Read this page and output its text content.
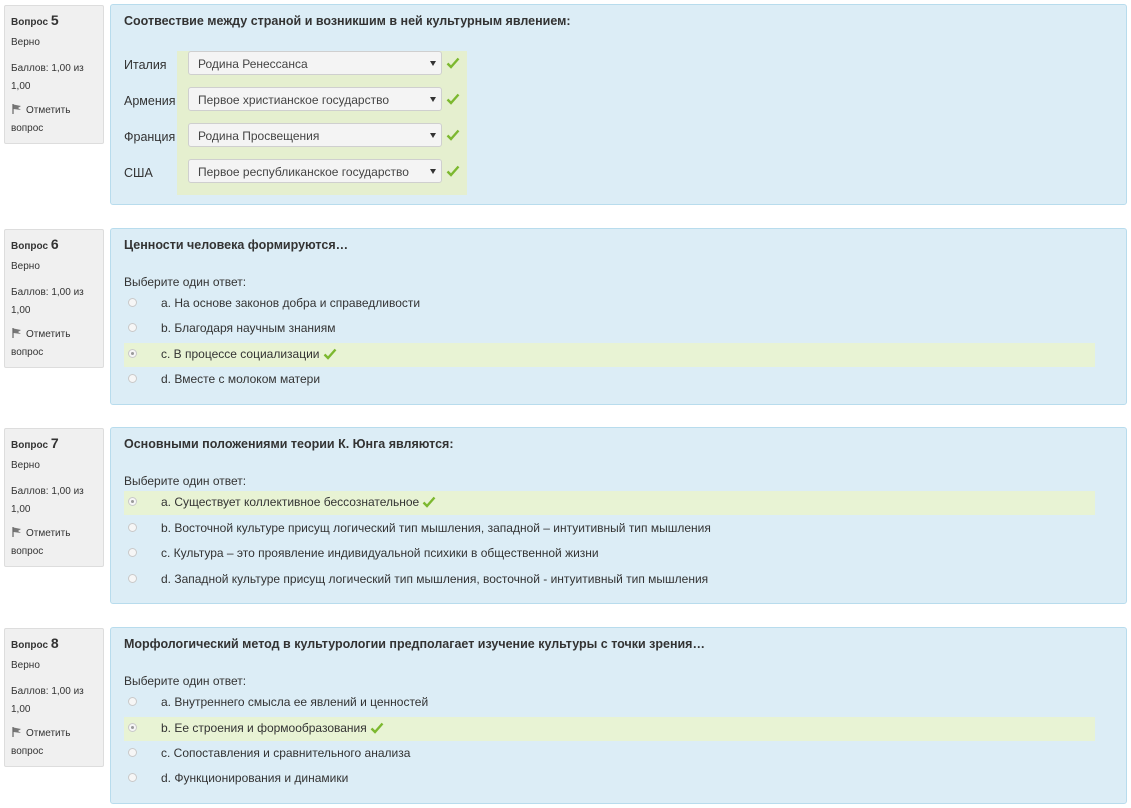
Вопрос 5
Верно
Баллов: 1,00 из 1,00
Отметить вопрос
Соотвествие между страной и возникшим в ней культурным явлением:
Италия	Родина Ренессанса
Армения Первое христианское государство
Франция Родина Просвещения
США	Первое республиканское государство
Вопрос 6
Верно
Баллов: 1,00 из 1,00
Отметить вопрос
Ценности человека формируются…
Выберите один ответ:
a. На основе законов добра и справедливости
b. Благодаря научным знаниям
c. В процессе социализации
d. Вместе с молоком матери
Вопрос 7
Верно
Баллов: 1,00 из 1,00
Отметить вопрос
Основными положениями теории К. Юнга являются:
Выберите один ответ:
a. Существует коллективное бессознательное
b. Восточной культуре присущ логический тип мышления, западной – интуитивный тип мышления
c. Культура – это проявление индивидуальной психики в общественной жизни
d. Западной культуре присущ логический тип мышления, восточной - интуитивный тип мышления
Вопрос 8
Верно
Баллов: 1,00 из 1,00
Отметить вопрос
Морфологический метод в культурологии предполагает изучение культуры с точки зрения…
Выберите один ответ:
a. Внутреннего смысла ее явлений и ценностей
b. Ее строения и формообразования
c. Сопоставления и сравнительного анализа
d. Функционирования и динамики
